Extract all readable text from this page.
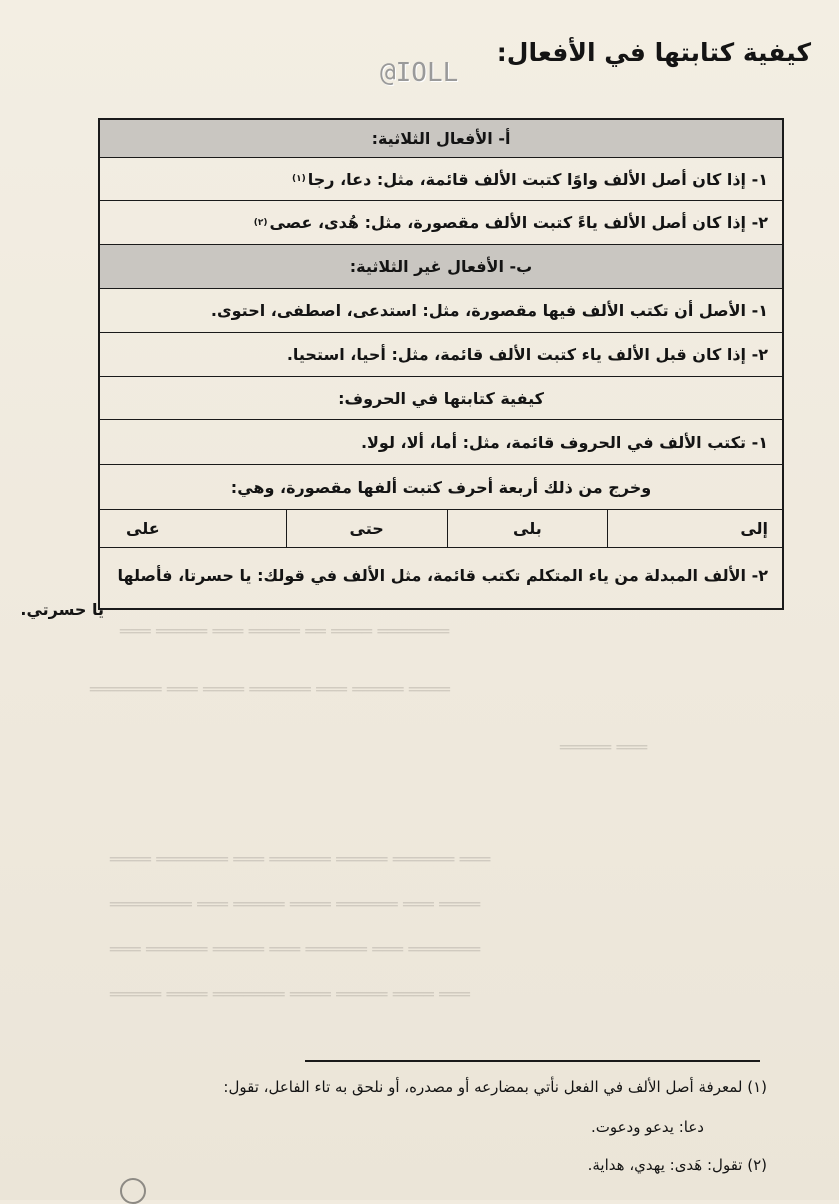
كيفية كتابتها في الأفعال:
@IOLL
═══ ═════ ═══ ═════ ══ ════ ═══════
═══════ ═══ ════ ══════ ═══ ═════ ════
═════ ═══
════ ═══════ ═══ ══════ ═════ ══════ ═══
════════ ═══ ═════ ════ ══════ ═══ ════
═══ ══════ ═════ ═══ ══════ ═══ ═══════
═════ ════ ═══════ ════ ═════ ════ ═══
أ- الأفعال الثلاثية:
١- إذا كان أصل الألف واوًا كتبت الألف قائمة، مثل: دعا، رجا
(١)
٢- إذا كان أصل الألف ياءً كتبت الألف مقصورة، مثل: هُدى، عصى
(٢)
ب- الأفعال غير الثلاثية:
١- الأصل أن تكتب الألف فيها مقصورة، مثل: استدعى، اصطفى، احتوى.
٢- إذا كان قبل الألف ياء كتبت الألف قائمة، مثل: أحيا، استحيا.
كيفية كتابتها في الحروف:
١- تكتب الألف في الحروف قائمة، مثل: أما، ألا، لولا.
وخرج من ذلك أربعة أحرف كتبت ألفها مقصورة، وهي:
إلى
بلى
حتى
على
٢- الألف المبدلة من ياء المتكلم تكتب قائمة، مثل الألف في قولك: يا حسرتا، فأصلها
يا حسرتي.
(١) لمعرفة أصل الألف في الفعل نأتي بمضارعه أو مصدره، أو نلحق به تاء الفاعل، تقول:
دعا: يدعو ودعوت.
(٢) تقول: هَدى: يهدي، هداية.
